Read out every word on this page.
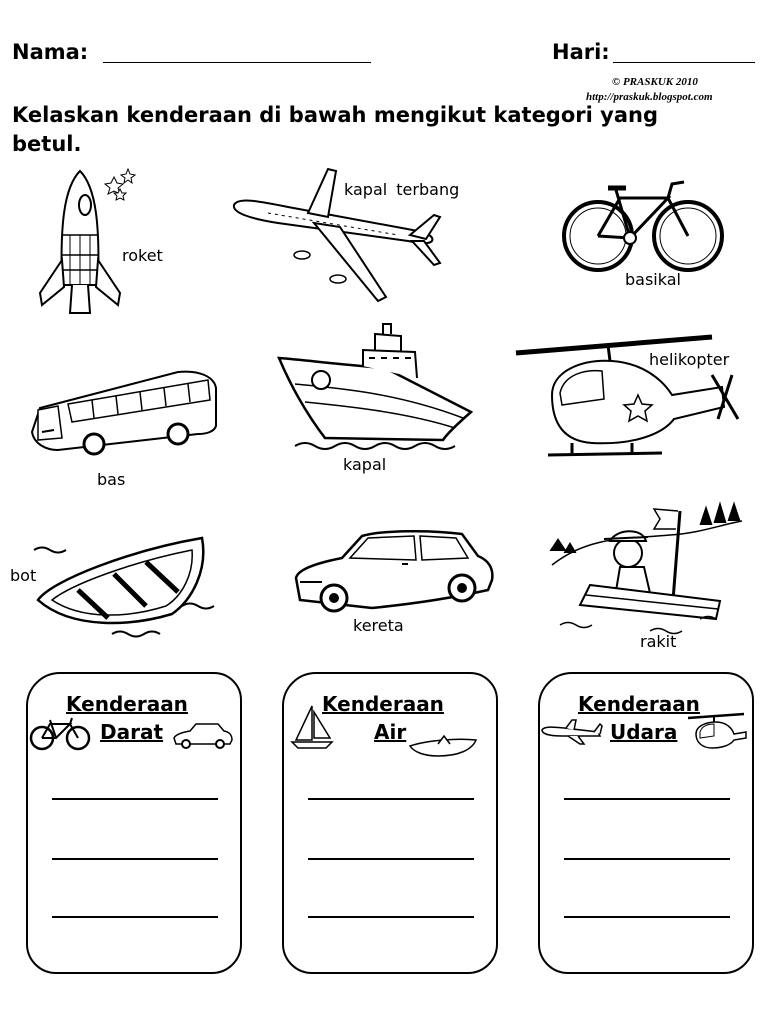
Nama:	Hari:
© PRASKUK 2010
http://praskuk.blogspot.com
Kelaskan kenderaan di bawah mengikut kategori yang betul.
roket
kapal terbang
basikal
bas
kapal
helikopter
bot
kereta
rakit
Kenderaan
Darat
Kenderaan
Air
Kenderaan
Udara
